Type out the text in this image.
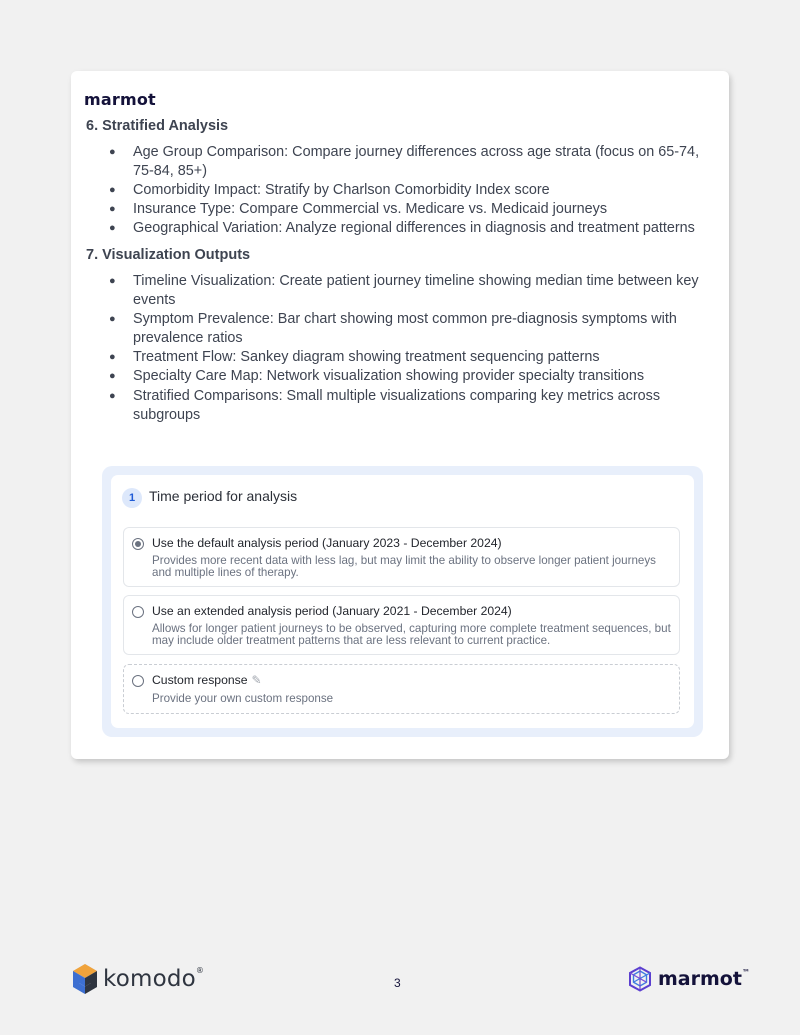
marmot
6. Stratified Analysis
● Age Group Comparison: Compare journey differences across age strata (focus on 65-74, 75-84, 85+)
● Comorbidity Impact: Stratify by Charlson Comorbidity Index score
● Insurance Type: Compare Commercial vs. Medicare vs. Medicaid journeys
● Geographical Variation: Analyze regional differences in diagnosis and treatment patterns
7. Visualization Outputs
● Timeline Visualization: Create patient journey timeline showing median time between key events
● Symptom Prevalence: Bar chart showing most common pre-diagnosis symptoms with prevalence ratios
● Treatment Flow: Sankey diagram showing treatment sequencing patterns
● Specialty Care Map: Network visualization showing provider specialty transitions
● Stratified Comparisons: Small multiple visualizations comparing key metrics across subgroups
1 Time period for analysis
Use the default analysis period (January 2023 - December 2024)
Provides more recent data with less lag, but may limit the ability to observe longer patient journeys and multiple lines of therapy.
Use an extended analysis period (January 2021 - December 2024)
Allows for longer patient journeys to be observed, capturing more complete treatment sequences, but may include older treatment patterns that are less relevant to current practice.
Custom response ✎
Provide your own custom response
komodo®
3	marmot™
